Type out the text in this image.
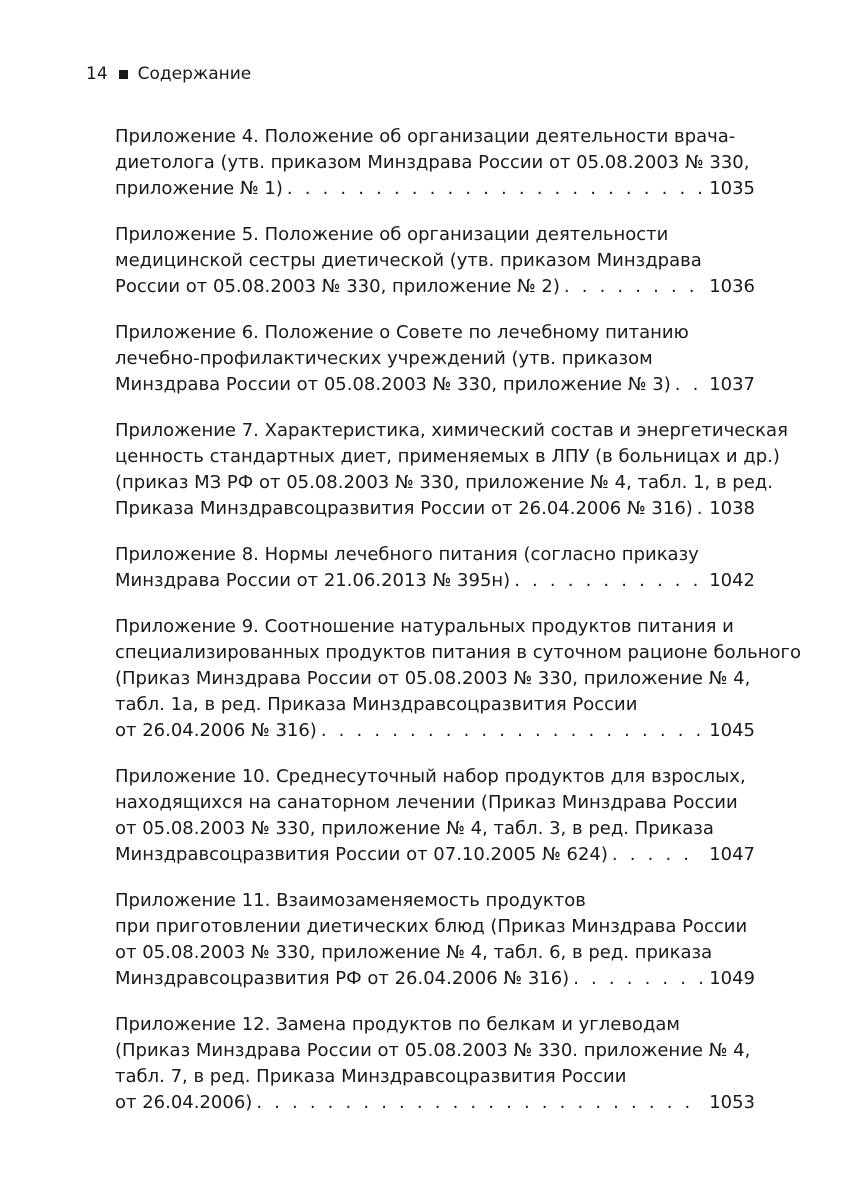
14 Содержание
Приложение 4. Положение об организации деятельности врача-
диетолога (утв. приказом Минздрава России от 05.08.2003 № 330,
приложение № 1) . . .	1035
Приложение 5. Положение об организации деятельности
медицинской сестры диетической (утв. приказом Минздрава
России от 05.08.2003 № 330, приложение № 2) . . .	1036
Приложение 6. Положение о Совете по лечебному питанию
лечебно-профилактических учреждений (утв. приказом
Минздрава России от 05.08.2003 № 330, приложение № 3) . . . 1037
Приложение 7. Характеристика, химический состав и энергетическая
ценность стандартных диет, применяемых в ЛПУ (в больницах и др.)
(приказ МЗ РФ от 05.08.2003 № 330, приложение № 4, табл. 1, в ред.
Приказа Минздравсоцразвития России от 26.04.2006 № 316) . . . 1038
Приложение 8. Нормы лечебного питания (согласно приказу
Минздрава России от 21.06.2013 № 395н) . . .	1042
Приложение 9. Соотношение натуральных продуктов питания и
специализированных продуктов питания в суточном рационе больного
(Приказ Минздрава России от 05.08.2003 № 330, приложение № 4,
табл. 1а, в ред. Приказа Минздравсоцразвития России
от 26.04.2006 № 316) . . .	1045
Приложение 10. Среднесуточный набор продуктов для взрослых,
находящихся на санаторном лечении (Приказ Минздрава России
от 05.08.2003 № 330, приложение № 4, табл. 3, в ред. Приказа
Минздравсоцразвития России от 07.10.2005 № 624) . . .	1047
Приложение 11. Взаимозаменяемость продуктов
при приготовлении диетических блюд (Приказ Минздрава России
от 05.08.2003 № 330, приложение № 4, табл. 6, в ред. приказа
Минздравсоцразвития РФ от 26.04.2006 № 316) . . .	1049
Приложение 12. Замена продуктов по белкам и углеводам
(Приказ Минздрава России от 05.08.2003 № 330. приложение № 4,
табл. 7, в ред. Приказа Минздравсоцразвития России
от 26.04.2006) . . .	1053
